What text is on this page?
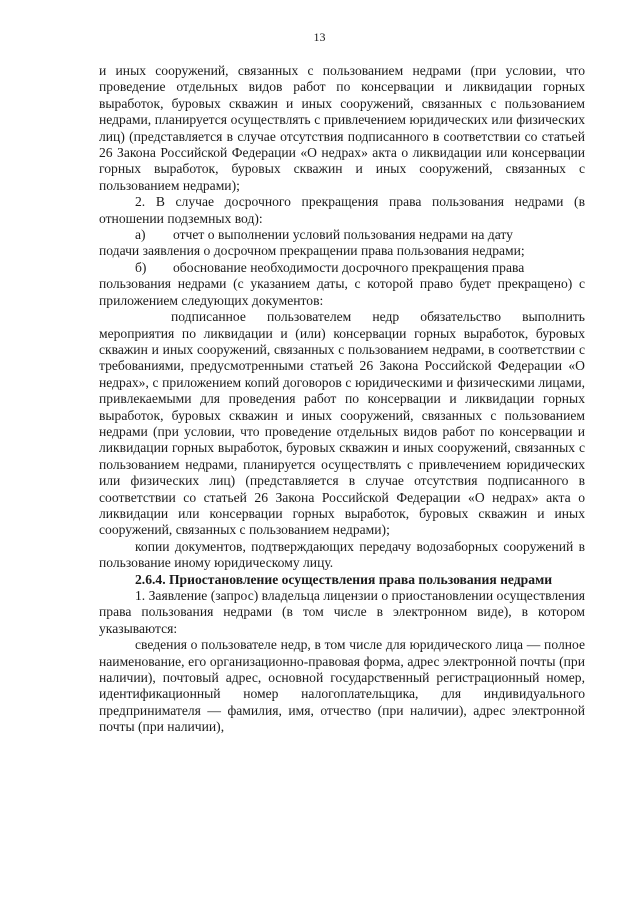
13

и иных сооружений, связанных с пользованием недрами (при условии, что проведение отдельных видов работ по консервации и ликвидации горных выработок, буровых скважин и иных сооружений, связанных с пользованием недрами, планируется осуществлять с привлечением юридических или физических лиц) (представляется в случае отсутствия подписанного в соответствии со статьей 26 Закона Российской Федерации «О недрах» акта о ликвидации или консервации горных выработок, буровых скважин и иных сооружений, связанных с пользованием недрами);

2. В случае досрочного прекращения права пользования недрами (в отношении подземных вод):

а)	отчет о выполнении условий пользования недрами на дату

подачи заявления о досрочном прекращении права пользования недрами;

б)	обоснование необходимости досрочного прекращения права

пользования недрами (с указанием даты, с которой право будет прекращено) с приложением следующих документов:

подписанное пользователем недр обязательство выполнить мероприятия по ликвидации и (или) консервации горных выработок, буровых скважин и иных сооружений, связанных с пользованием недрами, в соответствии с требованиями, предусмотренными статьей 26 Закона Российской Федерации «О недрах», с приложением копий договоров с юридическими и физическими лицами, привлекаемыми для проведения работ по консервации и ликвидации горных выработок, буровых скважин и иных сооружений, связанных с пользованием недрами (при условии, что проведение отдельных видов работ по консервации и ликвидации горных выработок, буровых скважин и иных сооружений, связанных с пользованием недрами, планируется осуществлять с привлечением юридических или физических лиц) (представляется в случае отсутствия подписанного в соответствии со статьей 26 Закона Российской Федерации «О недрах» акта о ликвидации или консервации горных выработок, буровых скважин и иных сооружений, связанных с пользованием недрами);

копии документов, подтверждающих передачу водозаборных сооружений в пользование иному юридическому лицу.

2.6.4. Приостановление осуществления права пользования недрами

1. Заявление (запрос) владельца лицензии о приостановлении осуществления права пользования недрами (в том числе в электронном виде), в котором указываются:

сведения о пользователе недр, в том числе для юридического лица — полное наименование, его организационно-правовая форма, адрес электронной почты (при наличии), почтовый адрес, основной государственный регистрационный номер, идентификационный номер налогоплательщика, для индивидуального предпринимателя — фамилия, имя, отчество (при наличии), адрес электронной почты (при наличии),
